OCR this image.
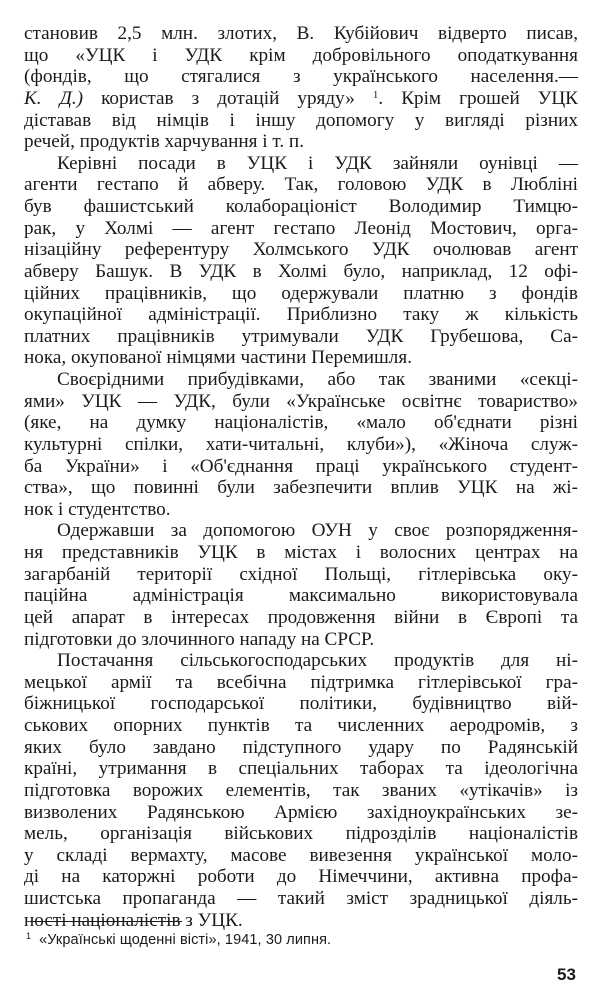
становив 2,5 млн. злотих, В. Кубійович відверто писав,
що «УЦК і УДК крім добровільного оподаткування
(фондів, що стягалися з українського населення.—
K. Д.) користав з дотацій уряду» $^1$. Крім грошей УЦК
діставав від німців і іншу допомогу у вигляді різних
речей, продуктів харчування і т. п.
Керівні посади в УЦК і УДК зайняли оунівці —
агенти гестапо й абверу. Так, головою УДК в Любліні
був фашистський колабораціоніст Володимир Тимцю-
рак, у Холмі — агент гестапо Леонід Мостович, орга-
нізаційну референтуру Холмського УДК очолював агент
абверу Башук. В УДК в Холмі було, наприклад, 12 офі-
ційних працівників, що одержували платню з фондів
окупаційної адміністрації. Приблизно таку ж кількість
платних працівників утримували УДК Грубешова, Са-
нока, окупованої німцями частини Перемишля.
Своєрідними прибудівками, або так званими «секці-
ями» УЦК — УДК, були «Українське освітнє товариство»
(яке, на думку націоналістів, «мало об'єднати різні
культурні спілки, хати-читальні, клуби»), «Жіноча служ-
ба України» і «Об'єднання праці українського студент-
ства», що повинні були забезпечити вплив УЦК на жі-
нок і студентство.
Одержавши за допомогою ОУН у своє розпорядження-
ня представників УЦК в містах і волосних центрах на
загарбаній території східної Польщі, гітлерівська оку-
паційна адміністрація максимально використовувала
цей апарат в інтересах продовження війни в Європі та
підготовки до злочинного нападу на СРСР.
Постачання сільськогосподарських продуктів для ні-
мецької армії та всебічна підтримка гітлерівської гра-
біжницької господарської політики, будівництво вій-
ськових опорних пунктів та численних аеродромів, з
яких було завдано підступного удару по Радянській
країні, утримання в спеціальних таборах та ідеологічна
підготовка ворожих елементів, так званих «утікачів» із
визволених Радянською Армією західноукраїнських зе-
мель, організація військових підрозділів націоналістів
у складі вермахту, масове вивезення української моло-
ді на каторжні роботи до Німеччини, активна профа-
шистська пропаганда — такий зміст зрадницької діяль-
ності націоналістів з УЦК.
$^1$ «Українські щоденні вісті», 1941, 30 липня.
53
